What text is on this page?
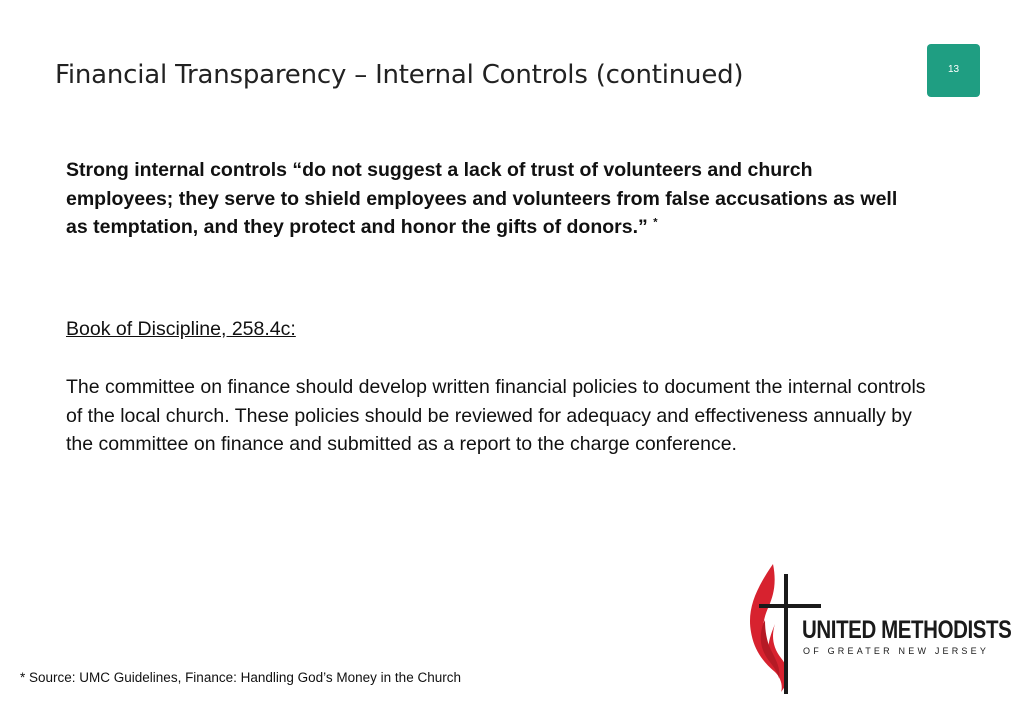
Financial Transparency – Internal Controls (continued)	13
Strong internal controls “do not suggest a lack of trust of volunteers and church employees; they serve to shield employees and volunteers from false accusations as well as temptation, and they protect and honor the gifts of donors.” *
Book of Discipline, 258.4c:
The committee on finance should develop written financial policies to document the internal controls of the local church. These policies should be reviewed for adequacy and effectiveness annually by the committee on finance and submitted as a report to the charge conference.
* Source: UMC Guidelines, Finance: Handling God’s Money in the Church
UNITED METHODISTS
OF GREATER NEW JERSEY
